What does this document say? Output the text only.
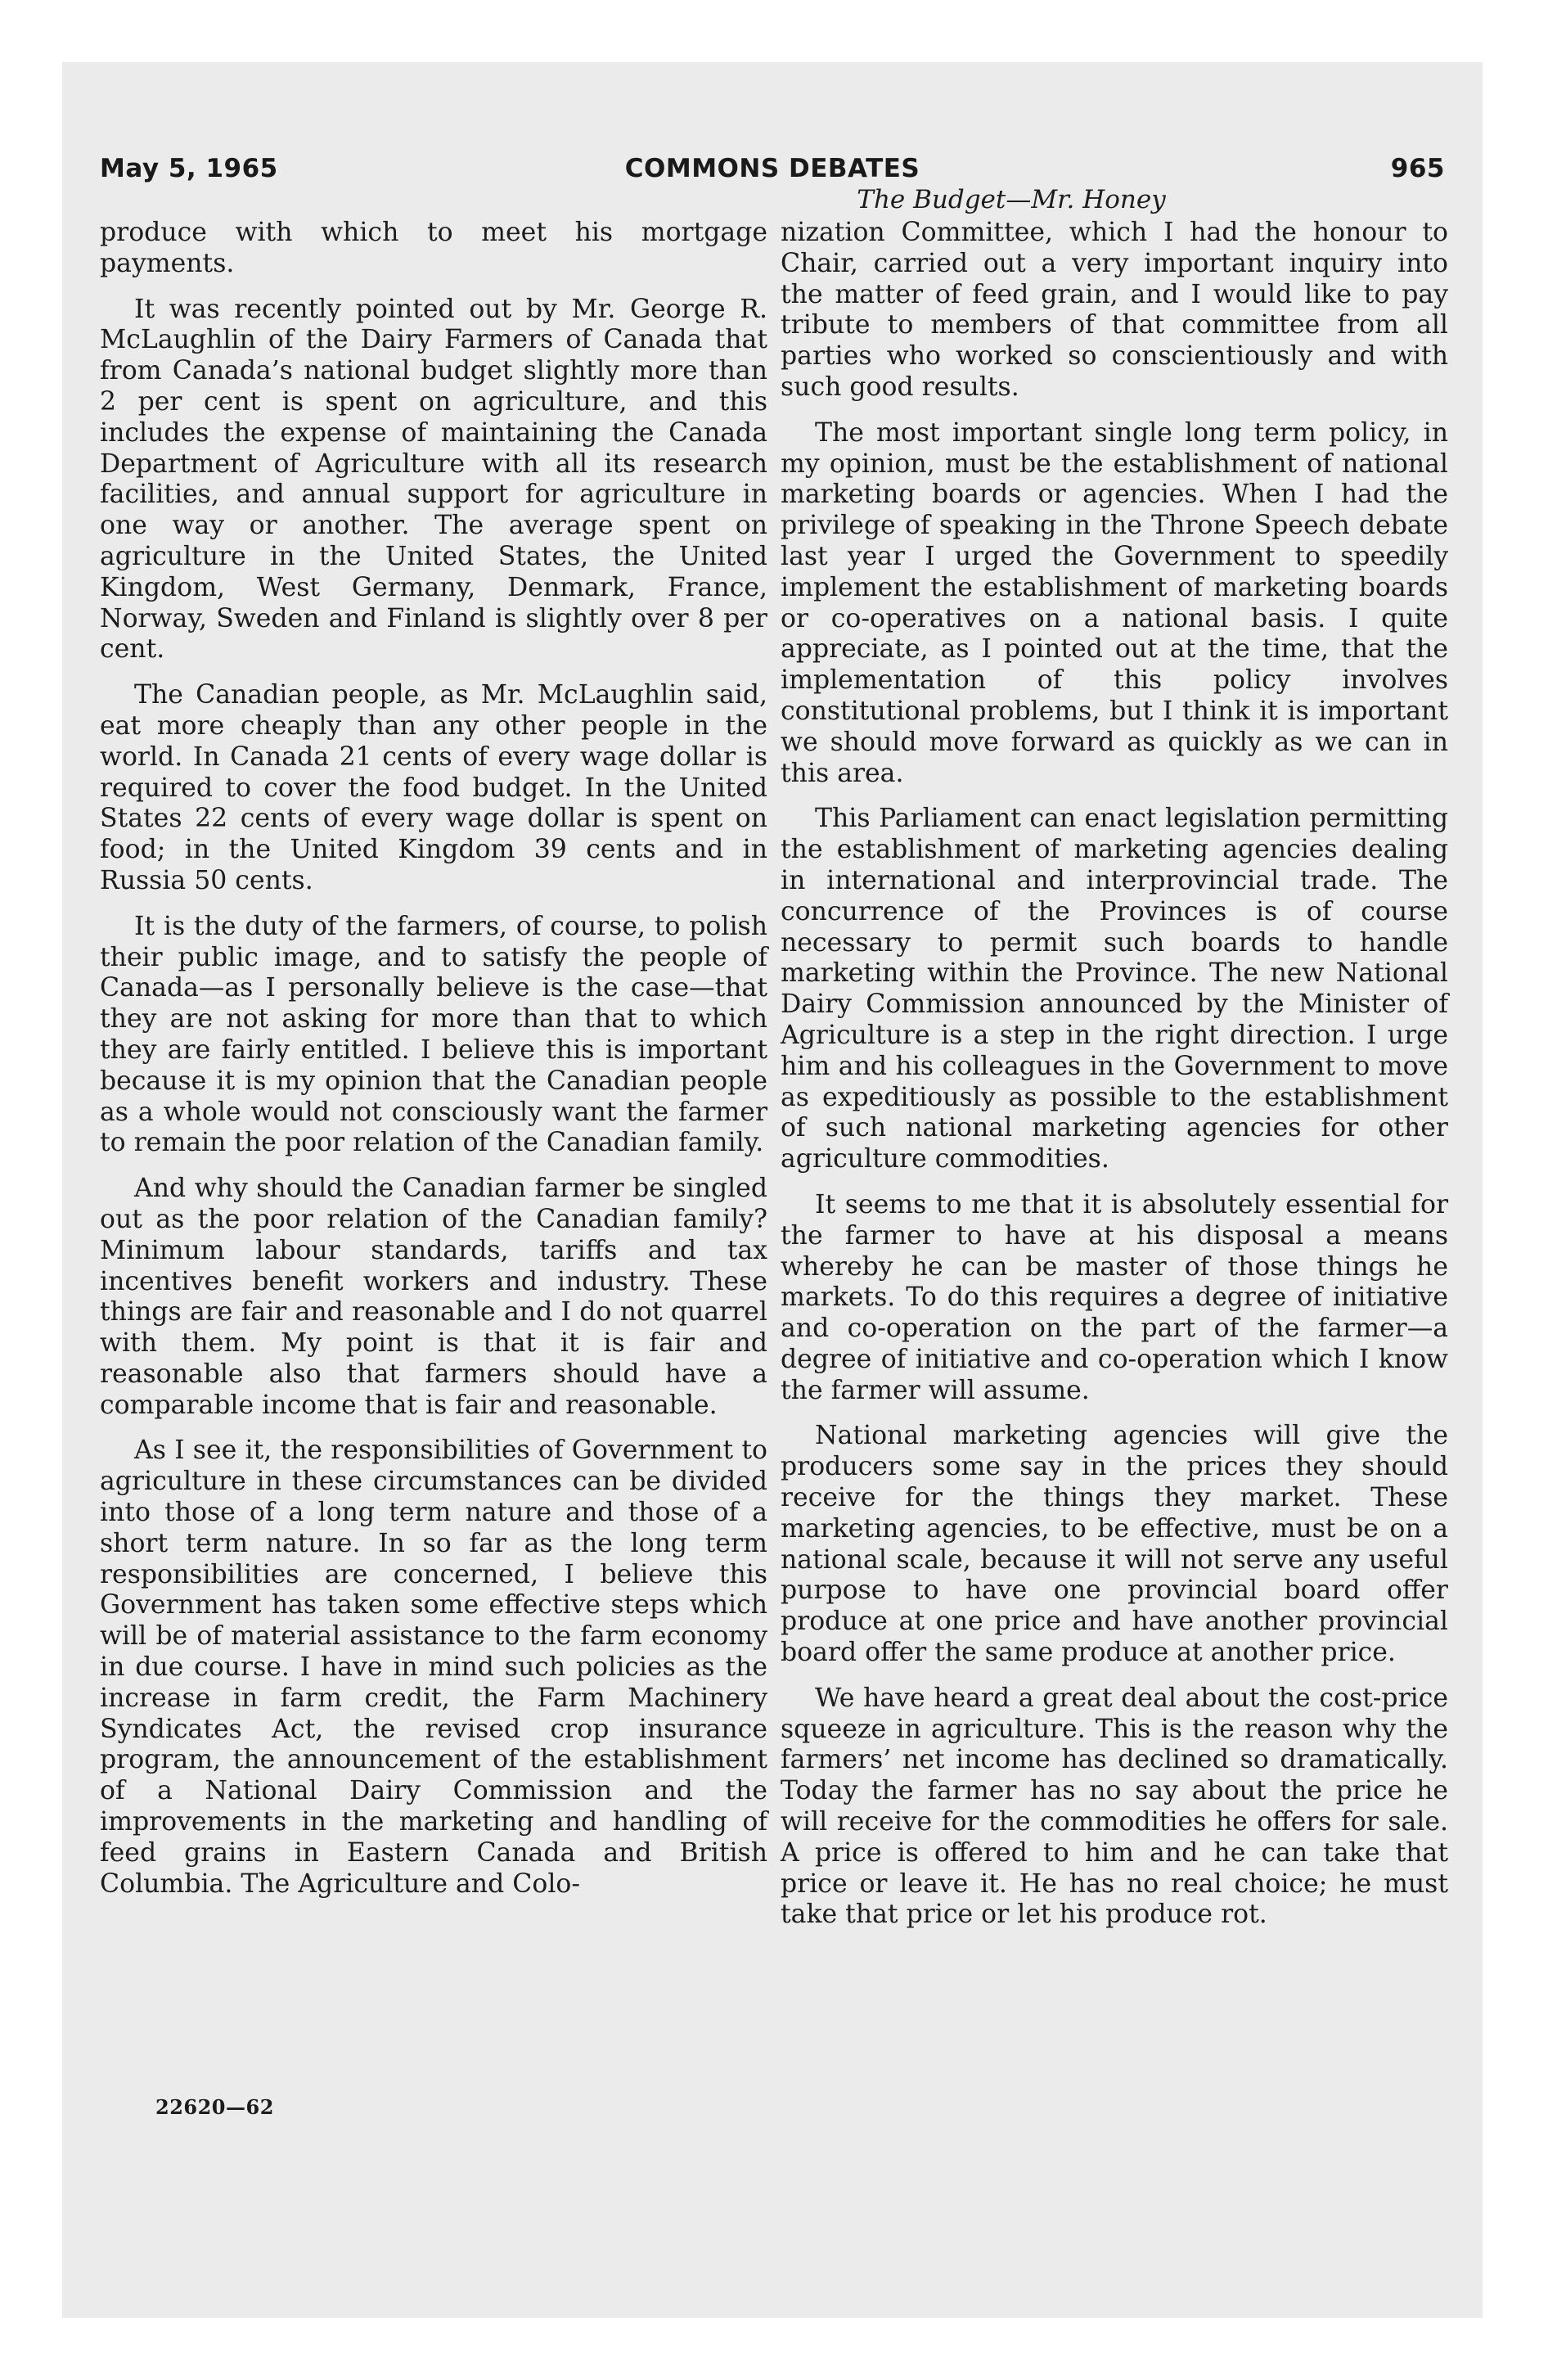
May 5, 1965	COMMONS DEBATES	965
The Budget—Mr. Honey

produce with which to meet his mortgage payments.

It was recently pointed out by Mr. George R. McLaughlin of the Dairy Farmers of Canada that from Canada’s national budget slightly more than 2 per cent is spent on agriculture, and this includes the expense of maintaining the Canada Department of Agriculture with all its research facilities, and annual support for agriculture in one way or another. The average spent on agriculture in the United States, the United Kingdom, West Germany, Denmark, France, Norway, Sweden and Finland is slightly over 8 per cent.

The Canadian people, as Mr. McLaughlin said, eat more cheaply than any other people in the world. In Canada 21 cents of every wage dollar is required to cover the food budget. In the United States 22 cents of every wage dollar is spent on food; in the United Kingdom 39 cents and in Russia 50 cents.

It is the duty of the farmers, of course, to polish their public image, and to satisfy the people of Canada—as I personally believe is the case—that they are not asking for more than that to which they are fairly entitled. I believe this is important because it is my opinion that the Canadian people as a whole would not consciously want the farmer to remain the poor relation of the Canadian family.

And why should the Canadian farmer be singled out as the poor relation of the Canadian family? Minimum labour standards, tariffs and tax incentives benefit workers and industry. These things are fair and reasonable and I do not quarrel with them. My point is that it is fair and reasonable also that farmers should have a comparable income that is fair and reasonable.

As I see it, the responsibilities of Government to agriculture in these circumstances can be divided into those of a long term nature and those of a short term nature. In so far as the long term responsibilities are concerned, I believe this Government has taken some effective steps which will be of material assistance to the farm economy in due course. I have in mind such policies as the increase in farm credit, the Farm Machinery Syndicates Act, the revised crop insurance program, the announcement of the establishment of a National Dairy Commission and the improvements in the marketing and handling of feed grains in Eastern Canada and British Columbia. The Agriculture and Colo-

nization Committee, which I had the honour to Chair, carried out a very important inquiry into the matter of feed grain, and I would like to pay tribute to members of that committee from all parties who worked so conscientiously and with such good results.

The most important single long term policy, in my opinion, must be the establishment of national marketing boards or agencies. When I had the privilege of speaking in the Throne Speech debate last year I urged the Government to speedily implement the establishment of marketing boards or co-operatives on a national basis. I quite appreciate, as I pointed out at the time, that the implementation of this policy involves constitutional problems, but I think it is important we should move forward as quickly as we can in this area.

This Parliament can enact legislation permitting the establishment of marketing agencies dealing in international and interprovincial trade. The concurrence of the Provinces is of course necessary to permit such boards to handle marketing within the Province. The new National Dairy Commission announced by the Minister of Agriculture is a step in the right direction. I urge him and his colleagues in the Government to move as expeditiously as possible to the establishment of such national marketing agencies for other agriculture commodities.

It seems to me that it is absolutely essential for the farmer to have at his disposal a means whereby he can be master of those things he markets. To do this requires a degree of initiative and co-operation on the part of the farmer—a degree of initiative and co-operation which I know the farmer will assume.

National marketing agencies will give the producers some say in the prices they should receive for the things they market. These marketing agencies, to be effective, must be on a national scale, because it will not serve any useful purpose to have one provincial board offer produce at one price and have another provincial board offer the same produce at another price.

We have heard a great deal about the cost-price squeeze in agriculture. This is the reason why the farmers’ net income has declined so dramatically. Today the farmer has no say about the price he will receive for the commodities he offers for sale. A price is offered to him and he can take that price or leave it. He has no real choice; he must take that price or let his produce rot.

22620—62
